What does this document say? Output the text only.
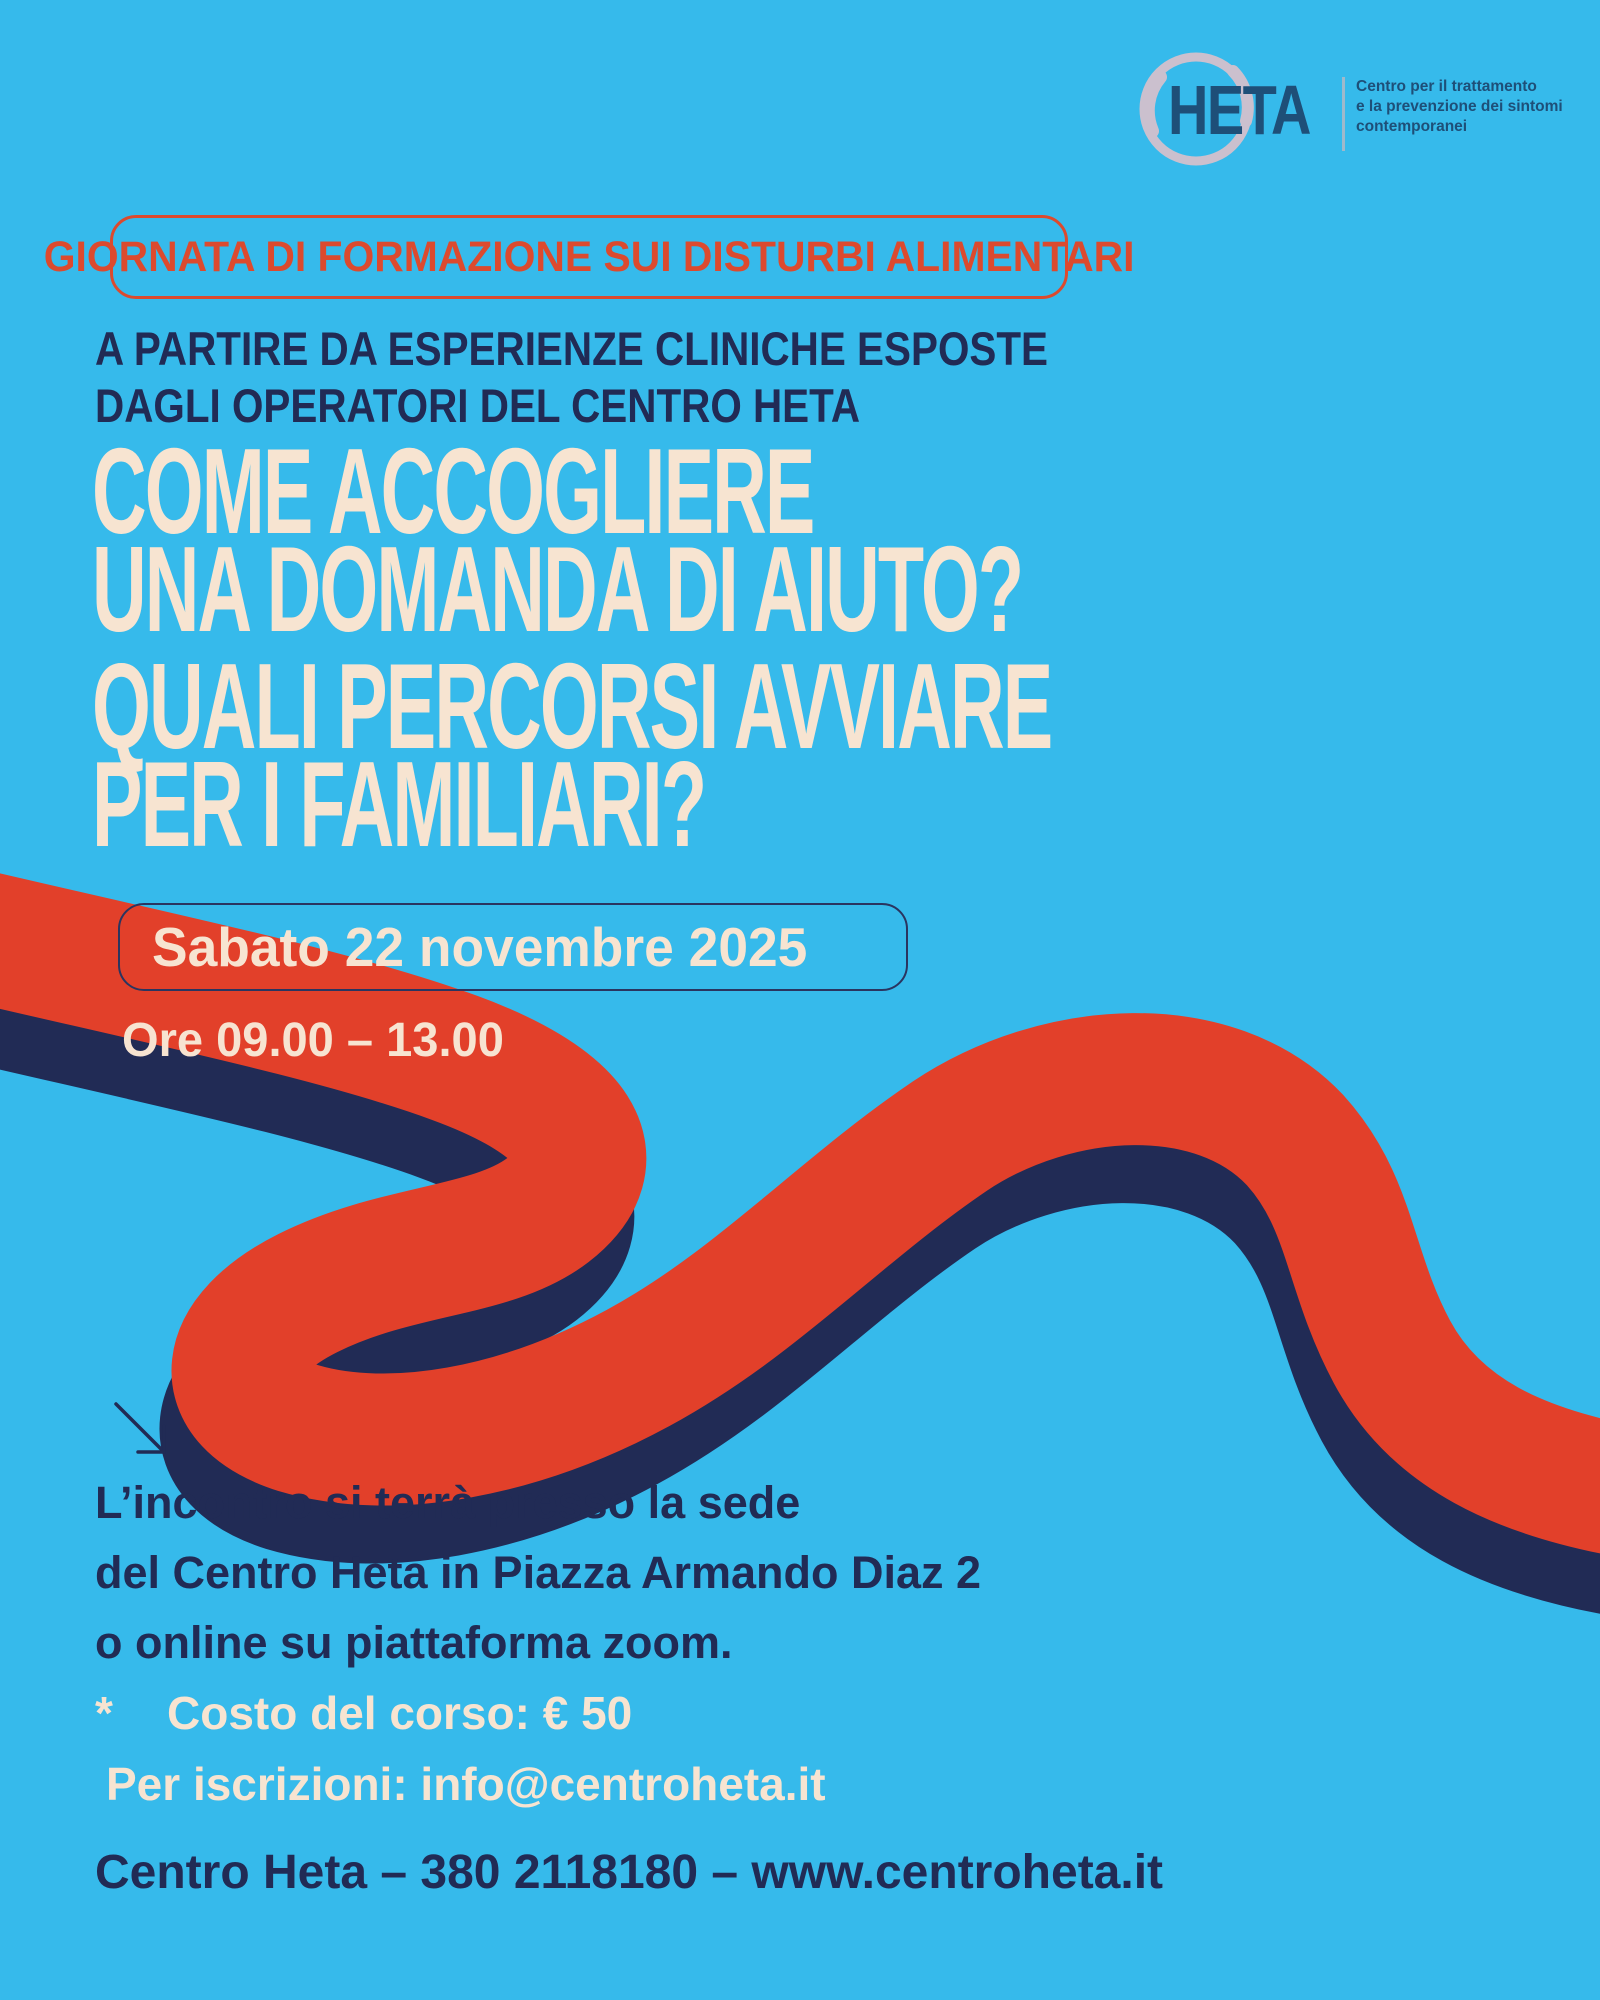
HETA	Centro per il trattamento
e la prevenzione dei sintomi
contemporanei
GIORNATA DI FORMAZIONE SUI DISTURBI ALIMENTARI
A PARTIRE DA ESPERIENZE CLINICHE ESPOSTE
DAGLI OPERATORI DEL CENTRO HETA
COME ACCOGLIERE
UNA DOMANDA DI AIUTO?
QUALI PERCORSI AVVIARE
PER I FAMILIARI?
Sabato 22 novembre 2025
Ore 09.00 – 13.00
L’incontro si terrà presso la sede
del Centro Heta in Piazza Armando Diaz 2
o online su piattaforma zoom.
*	Costo del corso: € 50
Per iscrizioni: info@centroheta.it
Centro Heta – 380 2118180 – www.centroheta.it
